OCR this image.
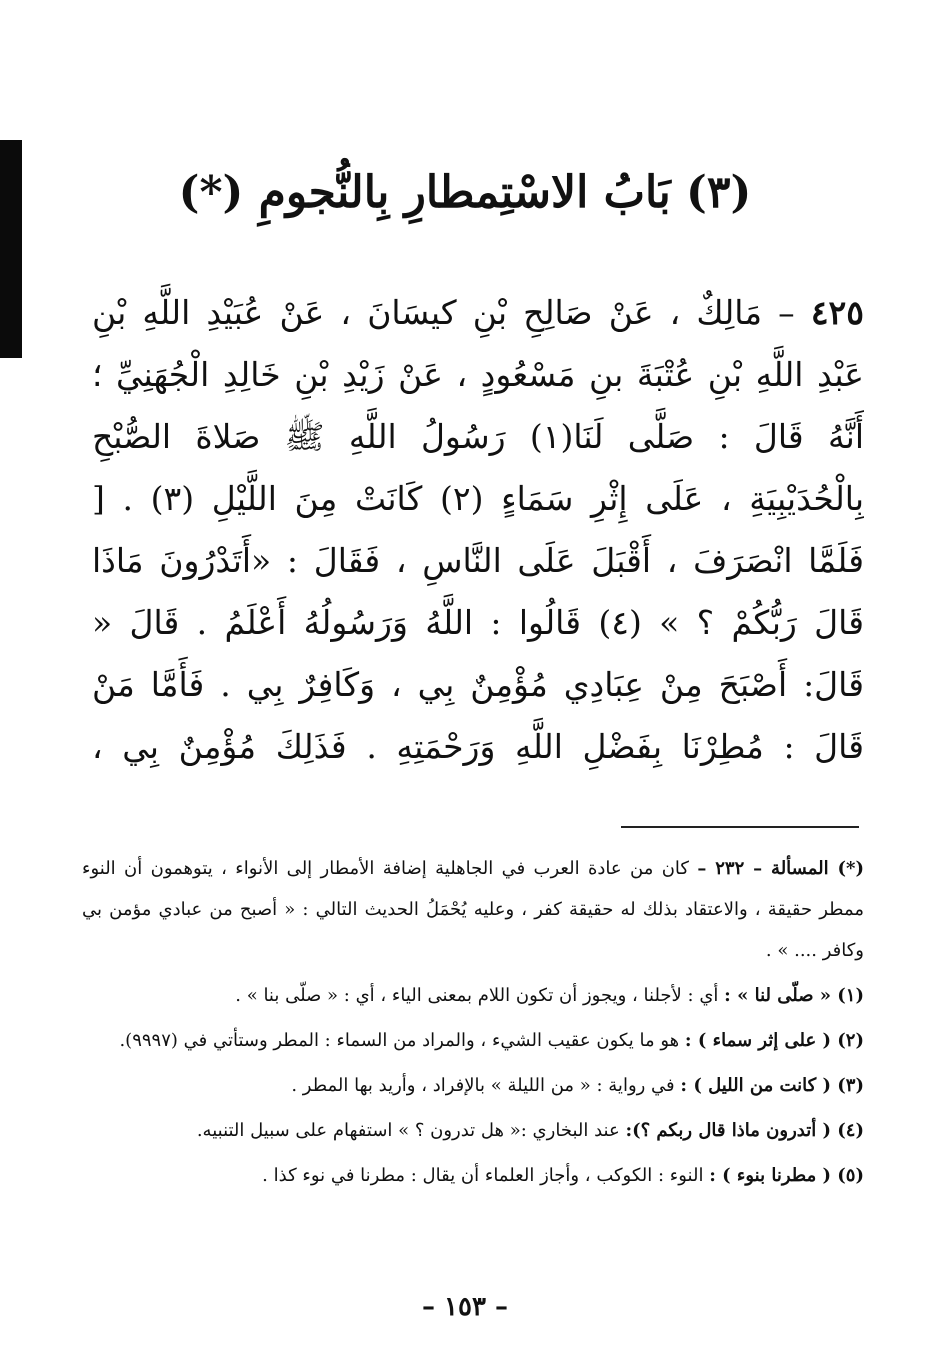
(٣) بَابُ الاسْتِمطارِ بِالنُّجومِ (*)
٤٢٥ – مَالِكٌ ، عَنْ صَالِحِ بْنِ كيسَانَ ، عَنْ عُبَيْدِ اللَّهِ بْنِ عَبْدِ اللَّهِ بْنِ عُتْبَةَ بنِ مَسْعُودٍ ، عَنْ زَيْدِ بْنِ خَالِدِ الْجُهَنِيِّ ؛ أَنَّهُ قَالَ : صَلَّى لَنَا(١) رَسُولُ اللَّهِ ﷺ صَلاةَ الصُّبْحِ بِالْحُدَيْبِيَةِ ، عَلَى إِثْرِ سَمَاءٍ (٢) كَانَتْ مِنَ اللَّيْلِ (٣) . [ فَلَمَّا انْصَرَفَ ، أَقْبَلَ عَلَى النَّاسِ ، فَقَالَ : «أَتَدْرُونَ مَاذَا قَالَ رَبُّكُمْ ؟ » (٤) قَالُوا : اللَّهُ وَرَسُولُهُ أَعْلَمُ . قَالَ « قَالَ: أَصْبَحَ مِنْ عِبَادِي مُؤْمِنٌ بِي ، وَكَافِرٌ بِي . فَأَمَّا مَنْ قَالَ : مُطِرْنَا بِفَضْلِ اللَّهِ وَرَحْمَتِهِ . فَذَلِكَ مُؤْمِنٌ بِي ،

(*) المسألة – ٢٣٢ – كان من عادة العرب في الجاهلية إضافة الأمطار إلى الأنواء ، يتوهمون أن النوء ممطر حقيقة ، والاعتقاد بذلك له حقيقة كفر ، وعليه يُحْمَلُ الحديث التالي : « أصبح من عبادي مؤمن بي وكافر .... » .

(١) « صلّى لنا » : أي : لأجلنا ، ويجوز أن تكون اللام بمعنى الياء ، أي : « صلّى بنا » .

(٢) ( على إثر سماء ) : هو ما يكون عقيب الشيء ، والمراد من السماء : المطر وستأتي في (٩٩٩٧).

(٣) ( كانت من الليل ) : في رواية : « من الليلة » بالإفراد ، وأريد بها المطر .

(٤) ( أتدرون ماذا قال ربكم ؟): عند البخاري :« هل تدرون ؟ » استفهام على سبيل التنبيه.

(٥) ( مطرنا بنوء ) : النوء : الكوكب ، وأجاز العلماء أن يقال : مطرنا في نوء كذا .

– ١٥٣ –
